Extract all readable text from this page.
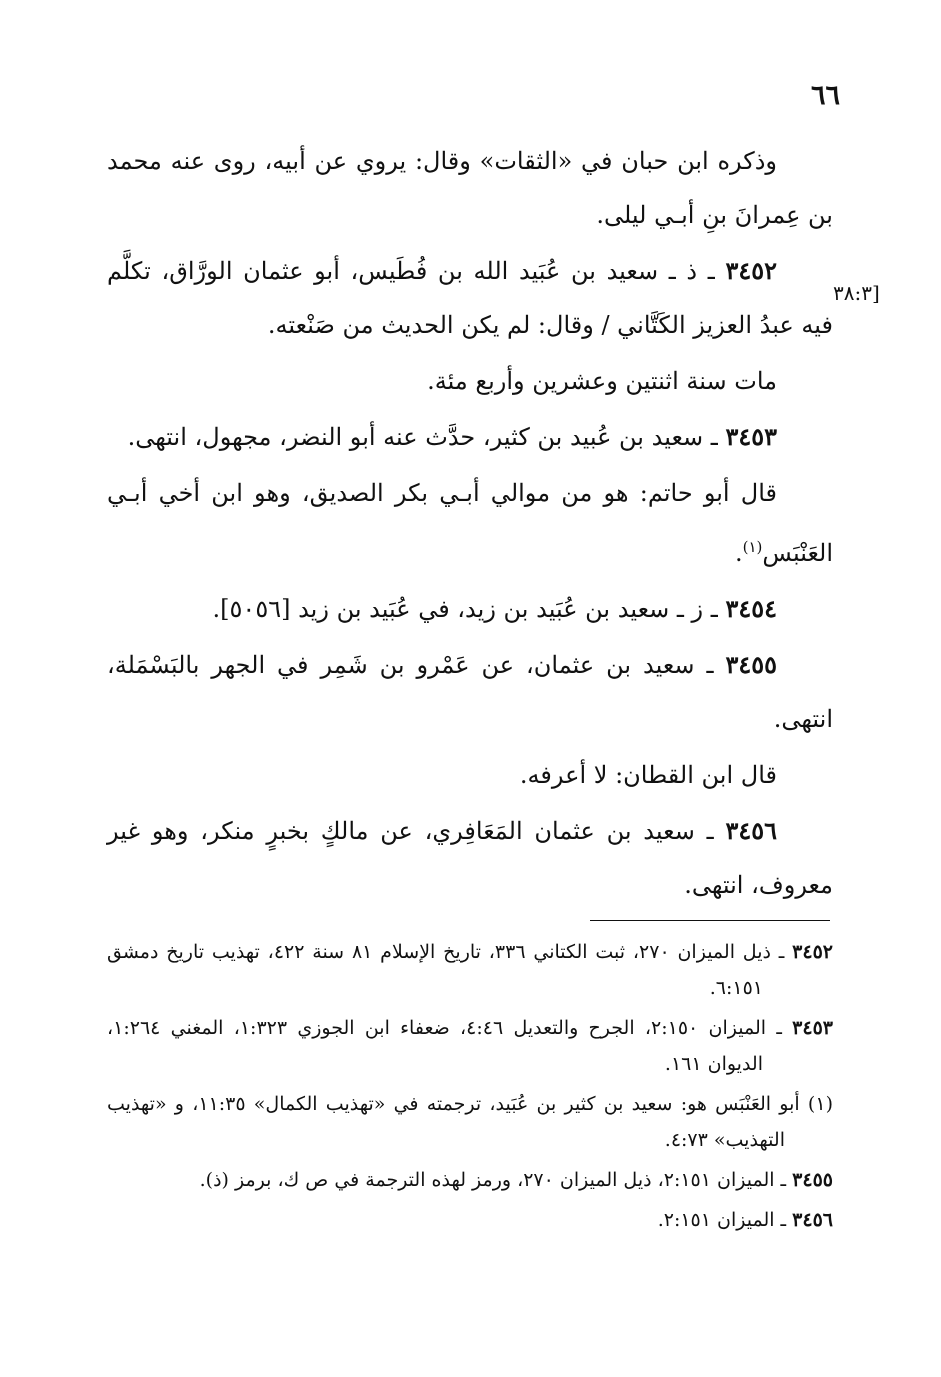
٦٦
[٣٨:٣

وذكره ابن حبان في «الثقات» وقال: يروي عن أبيه، روى عنه محمد بن عِمرانَ بنِ أبـي ليلى.

٣٤٥٢ ـ ذ ـ سعيد بن عُبَيد الله بن فُطَيس، أبو عثمان الورَّاق، تكلَّم فيه عبدُ العزيز الكَتَّاني / وقال: لم يكن الحديث من صَنْعته.

مات سنة اثنتين وعشرين وأربع مئة.

٣٤٥٣ ـ سعيد بن عُبيد بن كثير، حدَّث عنه أبو النضر، مجهول، انتهى.

قال أبو حاتم: هو من موالي أبـي بكر الصديق، وهو ابن أخي أبـي العَنْبَس$^{(١)}$.

٣٤٥٤ ـ ز ـ سعيد بن عُبَيد بن زيد، في عُبَيد بن زيد [٥٠٥٦].

٣٤٥٥ ـ سعيد بن عثمان، عن عَمْرو بن شَمِر في الجهر بالبَسْمَلة، انتهى.

قال ابن القطان: لا أعرفه.

٣٤٥٦ ـ سعيد بن عثمان المَعَافِري، عن مالكٍ بخبرٍ منكر، وهو غير معروف، انتهى.

٣٤٥٢ ـ ذيل الميزان ٢٧٠، ثبت الكتاني ٣٣٦، تاريخ الإسلام ٨١ سنة ٤٢٢، تهذيب تاريخ دمشق ٦:١٥١.

٣٤٥٣ ـ الميزان ٢:١٥٠، الجرح والتعديل ٤:٤٦، ضعفاء ابن الجوزي ١:٣٢٣، المغني ١:٢٦٤، الديوان ١٦١.

(١) أبو العَنْبَس هو: سعيد بن كثير بن عُبَيد، ترجمته في «تهذيب الكمال» ١١:٣٥، و «تهذيب التهذيب» ٤:٧٣.

٣٤٥٥ ـ الميزان ٢:١٥١، ذيل الميزان ٢٧٠، ورمز لهذه الترجمة في ص ك، برمز (ذ).

٣٤٥٦ ـ الميزان ٢:١٥١.
